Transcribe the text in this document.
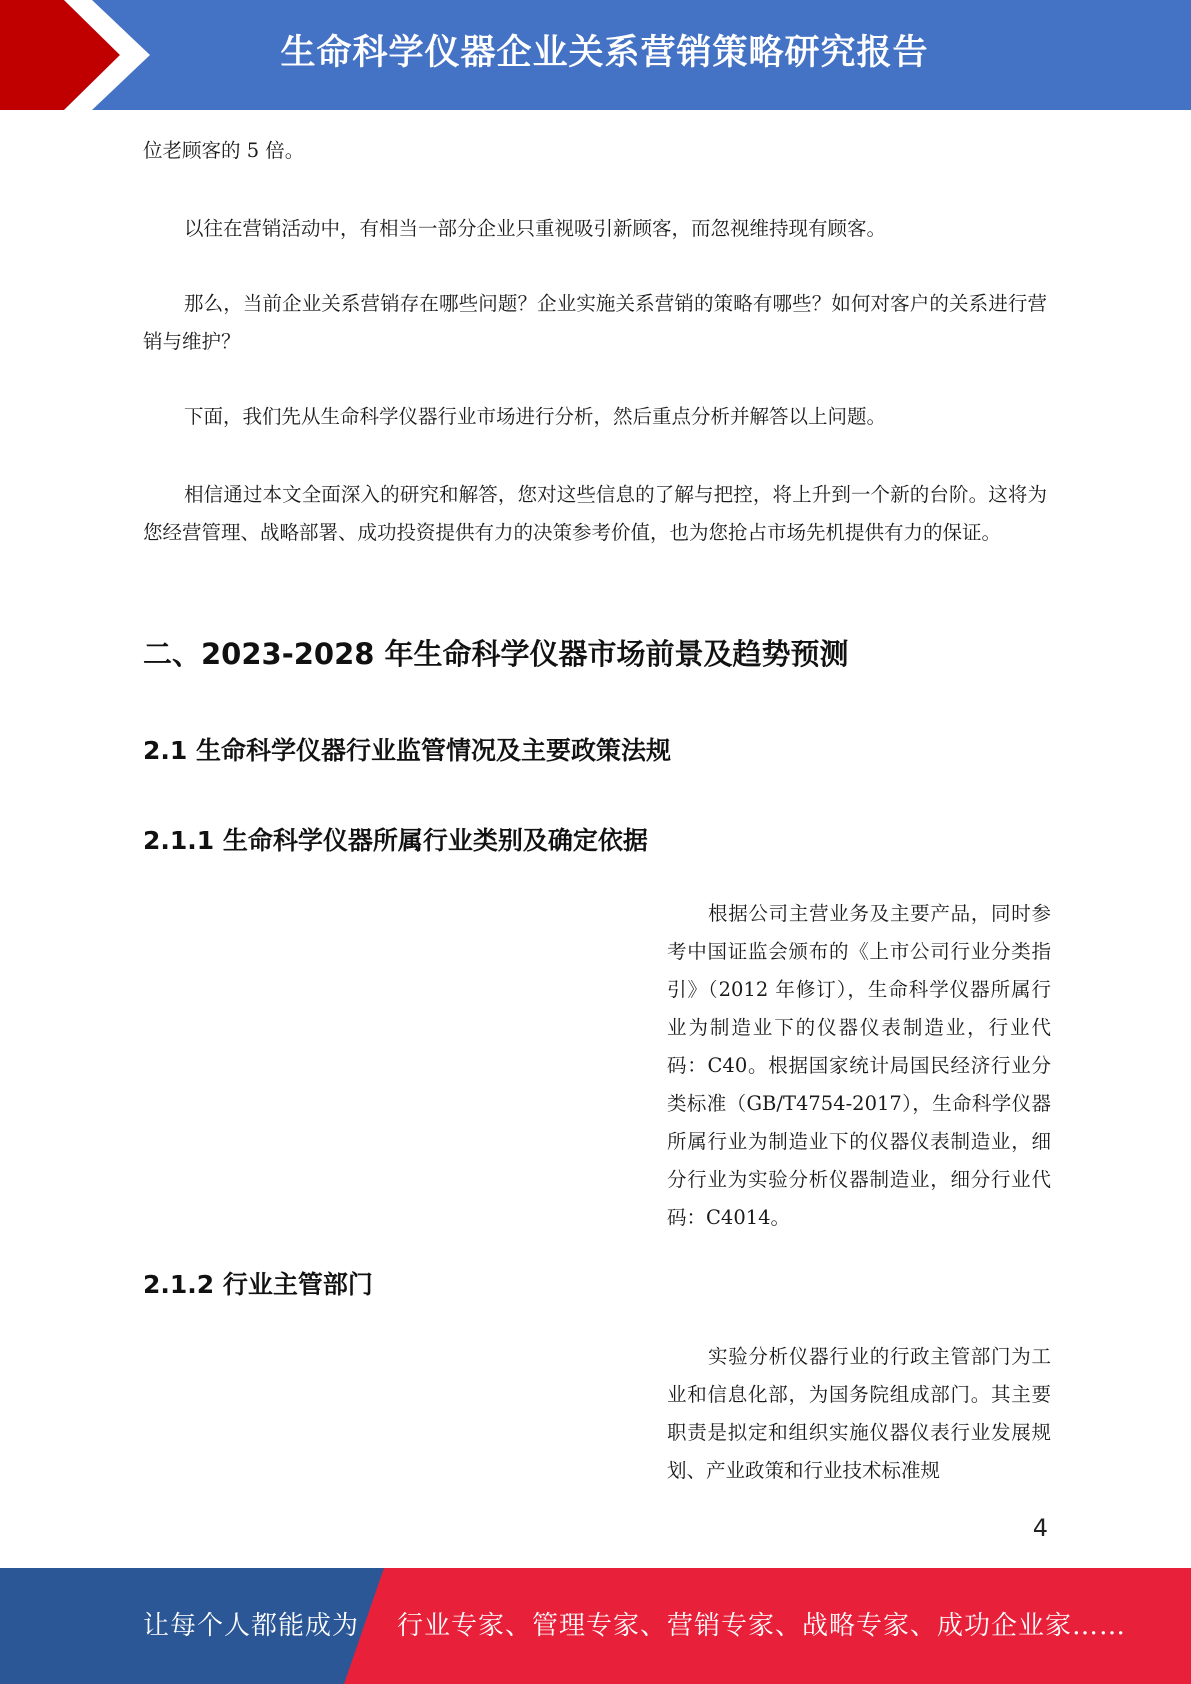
生命科学仪器企业关系营销策略研究报告

位老顾客的 5 倍。

以往在营销活动中，有相当一部分企业只重视吸引新顾客，而忽视维持现有顾客。

那么，当前企业关系营销存在哪些问题？企业实施关系营销的策略有哪些？如何对客户的关系进行营销与维护？

下面，我们先从生命科学仪器行业市场进行分析，然后重点分析并解答以上问题。

相信通过本文全面深入的研究和解答，您对这些信息的了解与把控，将上升到一个新的台阶。这将为您经营管理、战略部署、成功投资提供有力的决策参考价值，也为您抢占市场先机提供有力的保证。

二、2023-2028 年生命科学仪器市场前景及趋势预测
2.1 生命科学仪器行业监管情况及主要政策法规
2.1.1 生命科学仪器所属行业类别及确定依据

根据公司主营业务及主要产品，同时参考中国证监会颁布的《上市公司行业分类指引》（2012 年修订），生命科学仪器所属行业为制造业下的仪器仪表制造业，行业代码：C40。根据国家统计局国民经济行业分类标准（GB/T4754-2017），生命科学仪器所属行业为制造业下的仪器仪表制造业，细分行业为实验分析仪器制造业，细分行业代码：C4014。

2.1.2 行业主管部门

实验分析仪器行业的行政主管部门为工业和信息化部，为国务院组成部门。其主要职责是拟定和组织实施仪器仪表行业发展规划、产业政策和行业技术标准规

4
让每个人都能成为 行业专家、管理专家、营销专家、战略专家、成功企业家……
